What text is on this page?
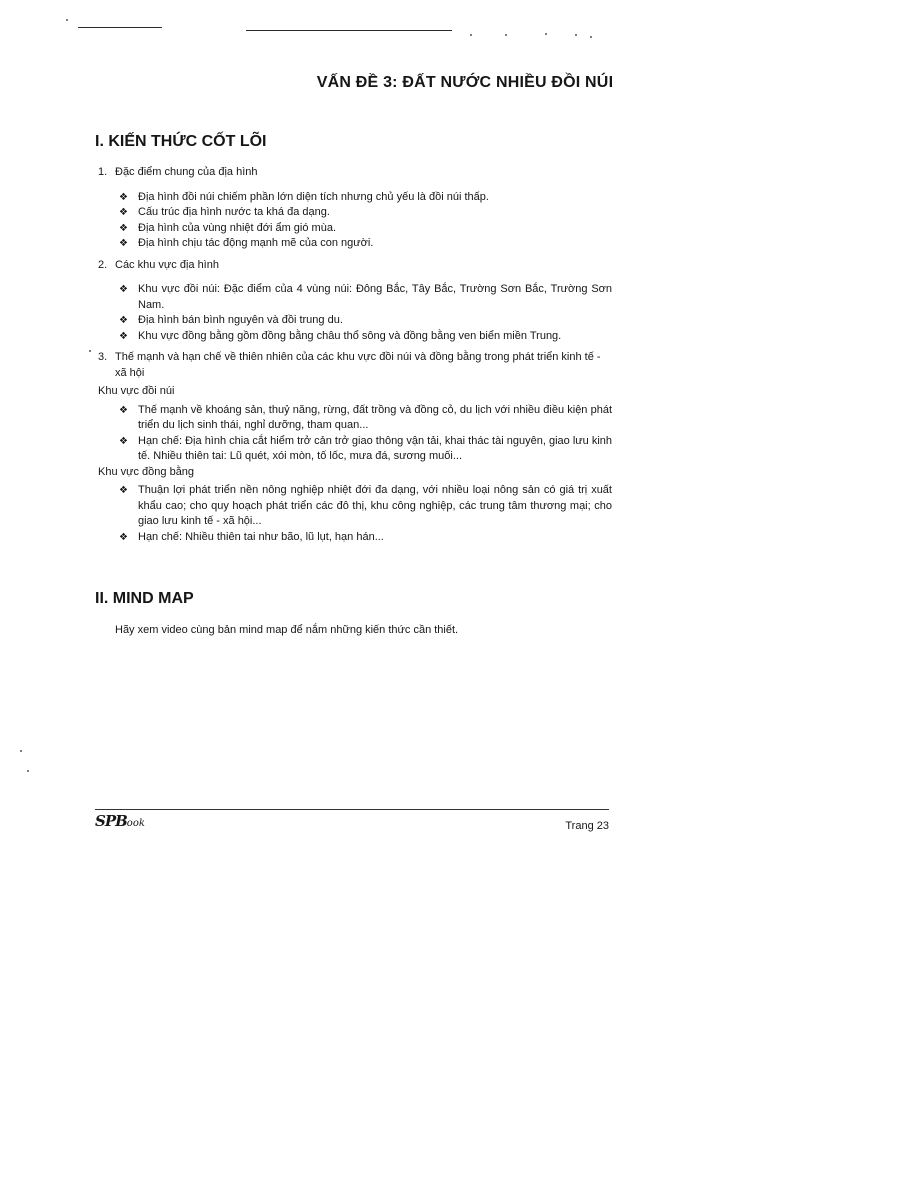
VẤN ĐỀ 3: ĐẤT NƯỚC NHIỀU ĐỒI NÚI
I. KIẾN THỨC CỐT LÕI
1. Đặc điểm chung của địa hình
❖ Địa hình đồi núi chiếm phần lớn diện tích nhưng chủ yếu là đồi núi thấp.
❖ Cấu trúc địa hình nước ta khá đa dạng.
❖ Địa hình của vùng nhiệt đới ẩm gió mùa.
❖ Địa hình chịu tác động mạnh mẽ của con người.
2. Các khu vực địa hình
❖ Khu vực đồi núi: Đặc điểm của 4 vùng núi: Đông Bắc, Tây Bắc, Trường Sơn Bắc, Trường Sơn Nam.
❖ Địa hình bán bình nguyên và đồi trung du.
❖ Khu vực đồng bằng gồm đồng bằng châu thổ sông và đồng bằng ven biển miền Trung.
3. Thế mạnh và hạn chế về thiên nhiên của các khu vực đồi núi và đồng bằng trong phát triển kinh tế - xã hội
Khu vực đồi núi
❖ Thế mạnh về khoáng sản, thuỷ năng, rừng, đất trồng và đồng cỏ, du lịch với nhiều điều kiện phát triển du lịch sinh thái, nghỉ dưỡng, tham quan...
❖ Hạn chế: Địa hình chia cắt hiểm trở cản trở giao thông vận tải, khai thác tài nguyên, giao lưu kinh tế. Nhiều thiên tai: Lũ quét, xói mòn, tố lốc, mưa đá, sương muối...
Khu vực đồng bằng
❖ Thuận lợi phát triển nền nông nghiệp nhiệt đới đa dạng, với nhiều loại nông sản có giá trị xuất khẩu cao; cho quy hoạch phát triển các đô thị, khu công nghiệp, các trung tâm thương mại; cho giao lưu kinh tế - xã hội...
❖ Hạn chế: Nhiều thiên tai như bão, lũ lụt, hạn hán...
II. MIND MAP
Hãy xem video cùng bản mind map để nắm những kiến thức cần thiết.
SPBook	Trang 23
